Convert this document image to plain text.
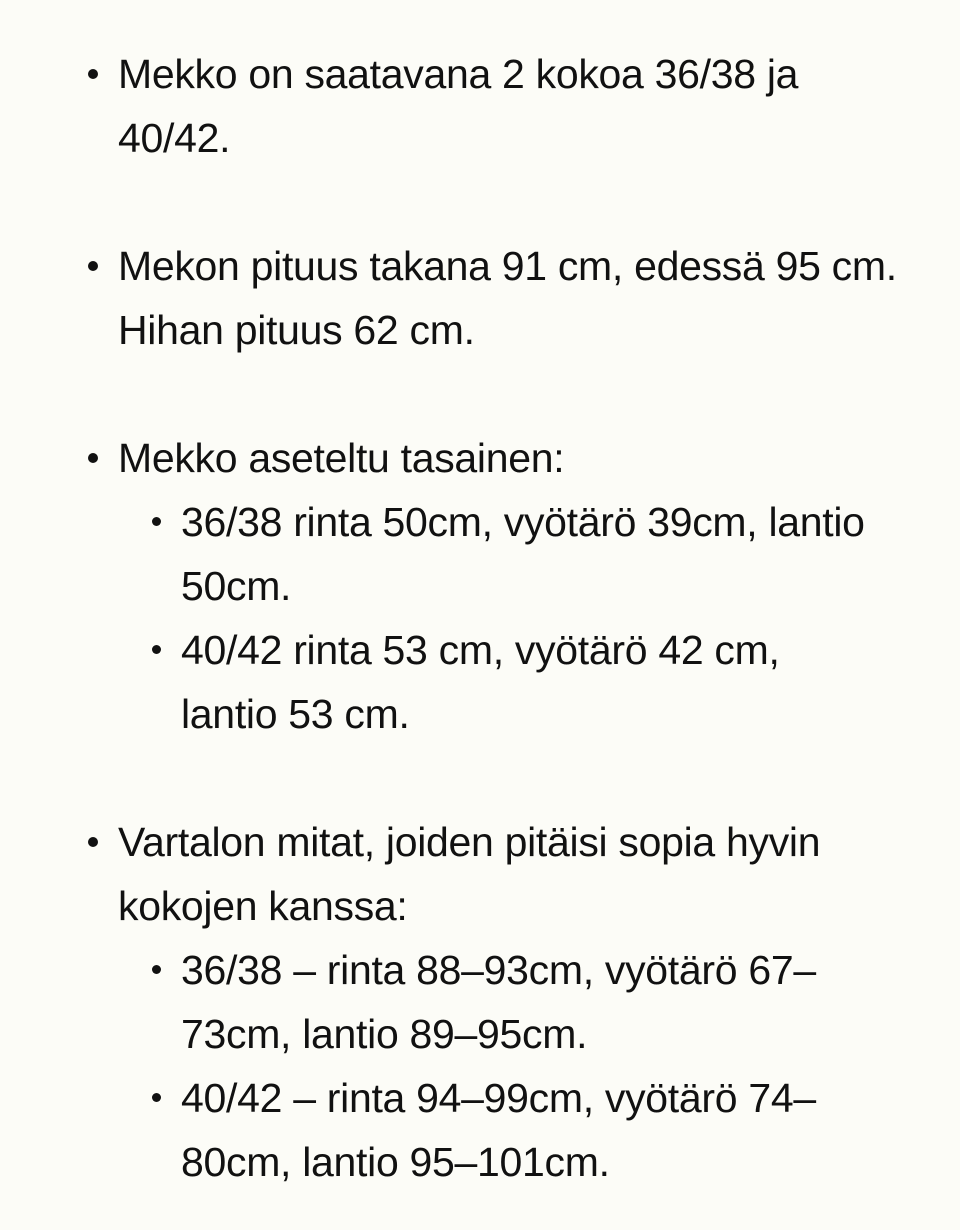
Mekko on saatavana 2 kokoa 36/38 ja 40/42.
Mekon pituus takana 91 cm, edessä 95 cm. Hihan pituus 62 cm.
Mekko aseteltu tasainen:
36/38 rinta 50cm, vyötärö 39cm, lantio 50cm.
40/42 rinta 53 cm, vyötärö 42 cm, lantio 53 cm.
Vartalon mitat, joiden pitäisi sopia hyvin kokojen kanssa:
36/38 – rinta 88–93cm, vyötärö 67–73cm, lantio 89–95cm.
40/42 – rinta 94–99cm, vyötärö 74–80cm, lantio 95–101cm.
